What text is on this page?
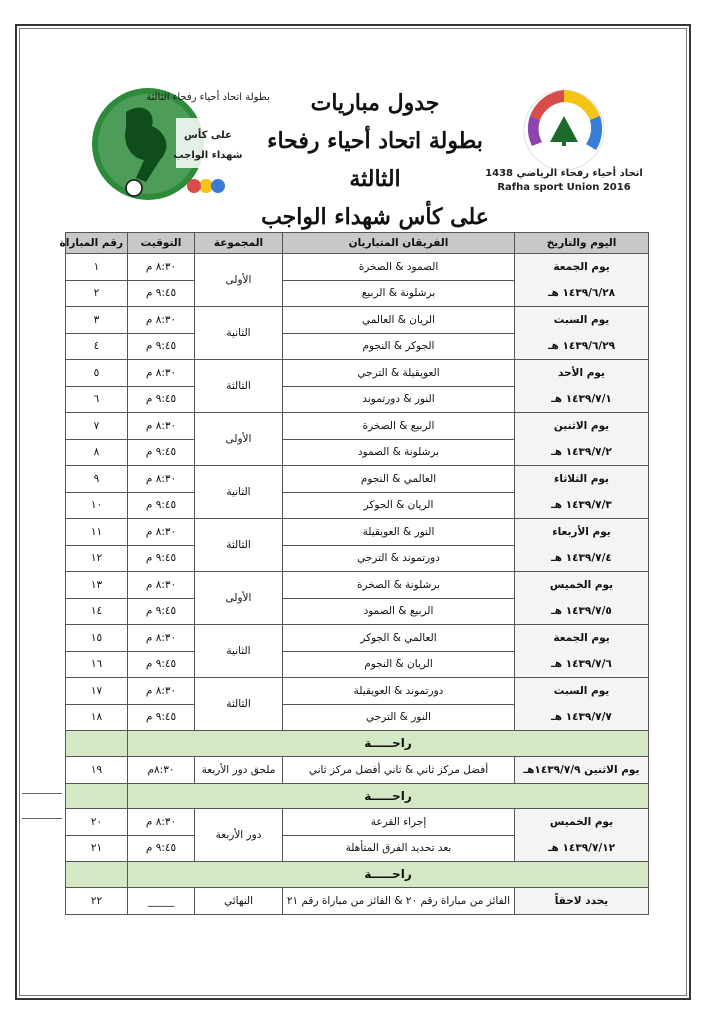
بطولة اتحاد أحياء رفحاء الثالثة
على كأس
شهداء الواجب
جدول مباريات
بطولة اتحاد أحياء رفحاء الثالثة
على كأس شهداء الواجب
اتحاد أحياء رفحاء الرياضي 1438
Rafha sport Union 2016
اليوم والتاريخ	الفريقان المتباريان	المجموعة	التوقيت	رقم المباراة

يوم الجمعة
١٤٣٩/٦/٢٨ هـ	الصمود & الصخرة	الأولى	٨:٣٠ م	١
	برشلونة & الربيع		٩:٤٥ م	٢

يوم السبت
١٤٣٩/٦/٢٩ هـ	الريان & العالمي	الثانية	٨:٣٠ م	٣
	الجوكر & النجوم		٩:٤٥ م	٤

يوم الأحد
١٤٣٩/٧/١ هـ	العويقيلة & الترجي	الثالثة	٨:٣٠ م	٥
	النور & دورتموند		٩:٤٥ م	٦

يوم الاثنين
١٤٣٩/٧/٢ هـ	الربيع & الصخرة	الأولى	٨:٣٠ م	٧
	برشلونة & الصمود		٩:٤٥ م	٨

يوم الثلاثاء
١٤٣٩/٧/٣ هـ	العالمي & النجوم	الثانية	٨:٣٠ م	٩
	الريان & الجوكر		٩:٤٥ م	١٠

يوم الأربعاء
١٤٣٩/٧/٤ هـ	النور & العويقيلة	الثالثة	٨:٣٠ م	١١
	دورتموند & الترجي		٩:٤٥ م	١٢

يوم الخميس
١٤٣٩/٧/٥ هـ	برشلونة & الصخرة	الأولى	٨:٣٠ م	١٣
	الربيع & الصمود		٩:٤٥ م	١٤

يوم الجمعة
١٤٣٩/٧/٦ هـ	العالمي & الجوكر	الثانية	٨:٣٠ م	١٥
	الريان & النجوم		٩:٤٥ م	١٦

يوم السبت
١٤٣٩/٧/٧ هـ	دورتموند & العويقيلة	الثالثة	٨:٣٠ م	١٧
	النور & الترجي		٩:٤٥ م	١٨
راحـــــة				
يوم الاثنين ١٤٣٩/٧/٩هـ	أفضل مركز ثاني & ثاني أفضل مركز ثاني	ملحق دور الأربعة	٨:٣٠م	١٩
راحـــــة				

يوم الخميس
١٤٣٩/٧/١٢ هـ	إجراء القرعة	دور الأربعة	٨:٣٠ م	٢٠
	بعد تحديد الفرق المتأهلة		٩:٤٥ م	٢١
راحـــــة				
يحدد لاحقاً	الفائز من مباراة رقم ٢٠ & الفائز من مباراة رقم ٢١	النهائي	_____	٢٢
